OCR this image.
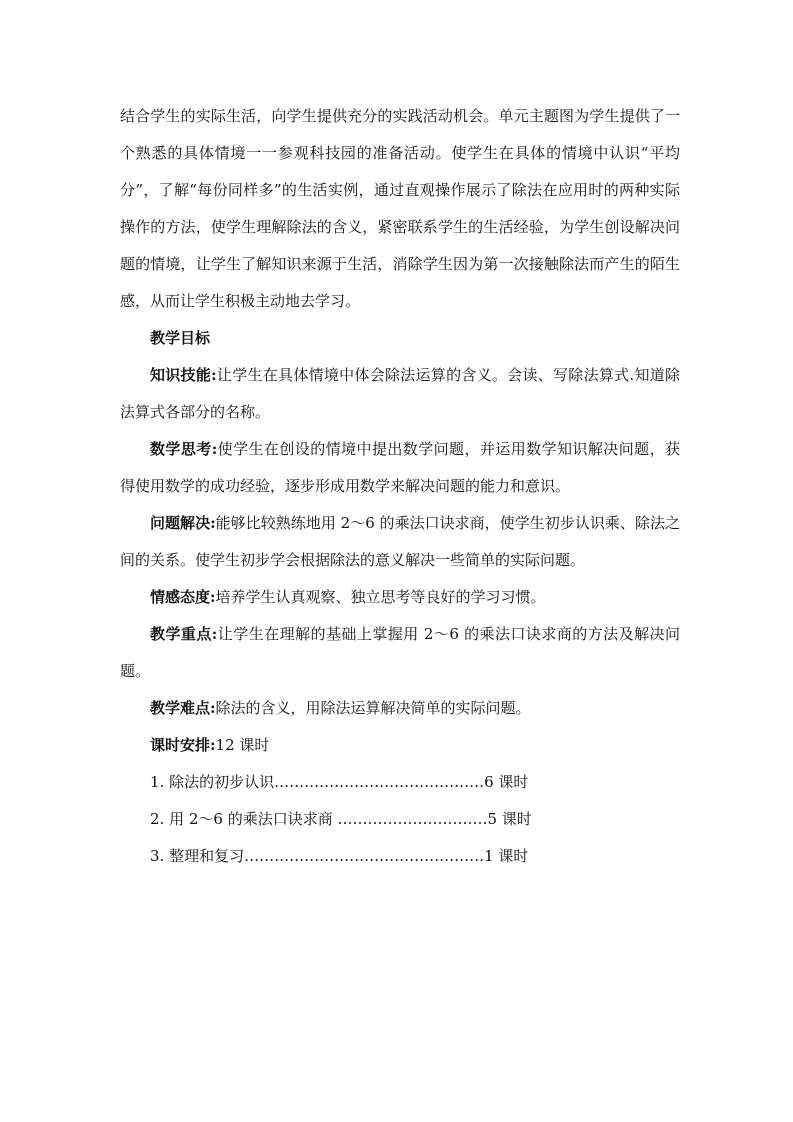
结合学生的实际生活，向学生提供充分的实践活动机会。单元主题图为学生提供了一个熟悉的具体情境一一参观科技园的准备活动。使学生在具体的情境中认识“平均分”，了解“每份同样多”的生活实例，通过直观操作展示了除法在应用时的两种实际操作的方法，使学生理解除法的含义，紧密联系学生的生活经验，为学生创设解决问题的情境，让学生了解知识来源于生活，消除学生因为第一次接触除法而产生的陌生感，从而让学生积极主动地去学习。

教学目标

知识技能:让学生在具体情境中体会除法运算的含义。会读、写除法算式.知道除法算式各部分的名称。

数学思考:使学生在创设的情境中提出数学问题，并运用数学知识解决问题，获得使用数学的成功经验，逐步形成用数学来解决问题的能力和意识。

问题解决:能够比较熟练地用 2～6 的乘法口诀求商，使学生初步认识乘、除法之间的关系。使学生初步学会根据除法的意义解决一些简单的实际问题。

情感态度:培养学生认真观察、独立思考等良好的学习习惯。

教学重点:让学生在理解的基础上掌握用 2～6 的乘法口诀求商的方法及解决问题。

教学难点:除法的含义，用除法运算解决简单的实际问题。

课时安排:12 课时

1. 除法的初步认识……………………………………6 课时

2. 用 2～6 的乘法口诀求商 …………………………5 课时

3. 整理和复习…………………………………………1 课时
